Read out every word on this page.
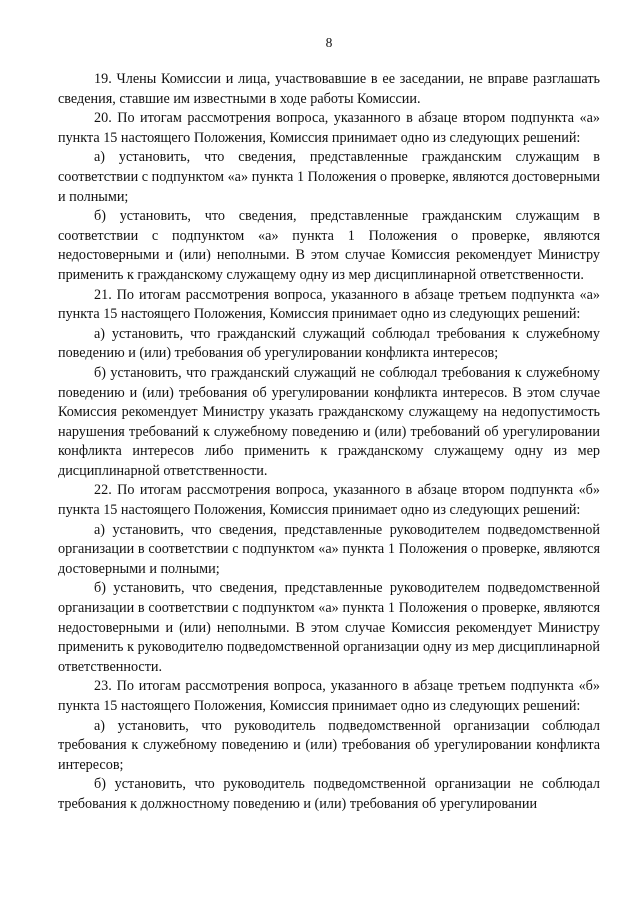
8

19. Члены Комиссии и лица, участвовавшие в ее заседании, не вправе разглашать сведения, ставшие им известными в ходе работы Комиссии.

20. По итогам рассмотрения вопроса, указанного в абзаце втором подпункта «а» пункта 15 настоящего Положения, Комиссия принимает одно из следующих решений:

а) установить, что сведения, представленные гражданским служащим в соответствии с подпунктом «а» пункта 1 Положения о проверке, являются достоверными и полными;

б) установить, что сведения, представленные гражданским служащим в соответствии с подпунктом «а» пункта 1 Положения о проверке, являются недостоверными и (или) неполными. В этом случае Комиссия рекомендует Министру применить к гражданскому служащему одну из мер дисциплинарной ответственности.

21. По итогам рассмотрения вопроса, указанного в абзаце третьем подпункта «а» пункта 15 настоящего Положения, Комиссия принимает одно из следующих решений:

а) установить, что гражданский служащий соблюдал требования к служебному поведению и (или) требования об урегулировании конфликта интересов;

б) установить, что гражданский служащий не соблюдал требования к служебному поведению и (или) требования об урегулировании конфликта интересов. В этом случае Комиссия рекомендует Министру указать гражданскому служащему на недопустимость нарушения требований к служебному поведению и (или) требований об урегулировании конфликта интересов либо применить к гражданскому служащему одну из мер дисциплинарной ответственности.

22. По итогам рассмотрения вопроса, указанного в абзаце втором подпункта «б» пункта 15 настоящего Положения, Комиссия принимает одно из следующих решений:

а) установить, что сведения, представленные руководителем подведомственной организации в соответствии с подпунктом «а» пункта 1 Положения о проверке, являются достоверными и полными;

б) установить, что сведения, представленные руководителем подведомственной организации в соответствии с подпунктом «а» пункта 1 Положения о проверке, являются недостоверными и (или) неполными. В этом случае Комиссия рекомендует Министру применить к руководителю подведомственной организации одну из мер дисциплинарной ответственности.

23. По итогам рассмотрения вопроса, указанного в абзаце третьем подпункта «б» пункта 15 настоящего Положения, Комиссия принимает одно из следующих решений:

а) установить, что руководитель подведомственной организации соблюдал требования к служебному поведению и (или) требования об урегулировании конфликта интересов;

б) установить, что руководитель подведомственной организации не соблюдал требования к должностному поведению и (или) требования об урегулировании
